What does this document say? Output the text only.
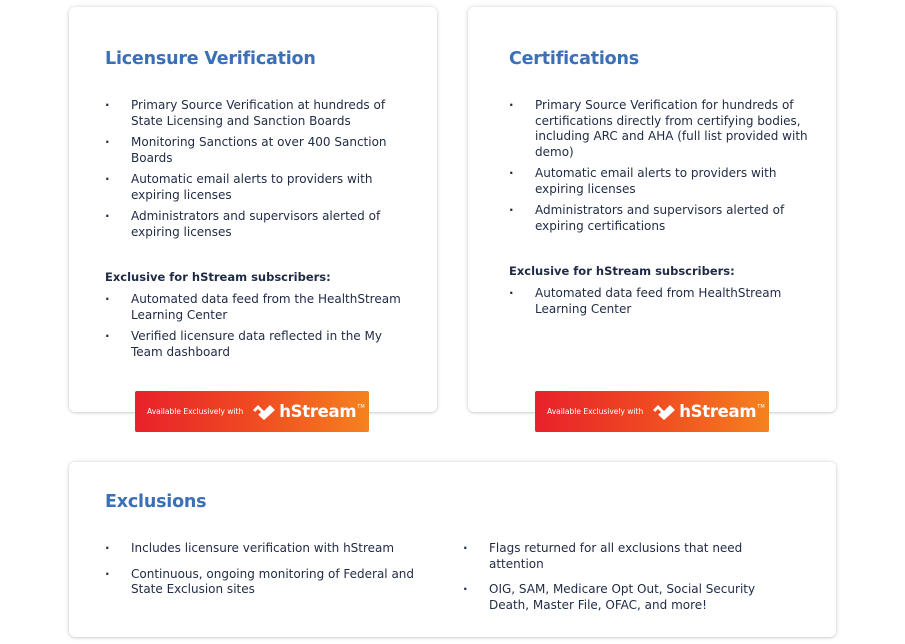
Licensure Verification
· Primary Source Verification at hundreds of State Licensing and Sanction Boards
· Monitoring Sanctions at over 400 Sanction Boards
· Automatic email alerts to providers with expiring licenses
· Administrators and supervisors alerted of expiring licenses
Exclusive for hStream subscribers:
· Automated data feed from the HealthStream Learning Center
· Verified licensure data reflected in the My Team dashboard
Certifications
· Primary Source Verification for hundreds of certifications directly from certifying bodies, including ARC and AHA (full list provided with demo)
· Automatic email alerts to providers with expiring licenses
· Administrators and supervisors alerted of expiring certifications
Exclusive for hStream subscribers:
· Automated data feed from HealthStream Learning Center
Available Exclusively with hStream TM
Available Exclusively with hStream TM
Exclusions
· Includes licensure verification with hStream
· Continuous, ongoing monitoring of Federal and State Exclusion sites
· Flags returned for all exclusions that need attention
· OIG, SAM, Medicare Opt Out, Social Security Death, Master File, OFAC, and more!
